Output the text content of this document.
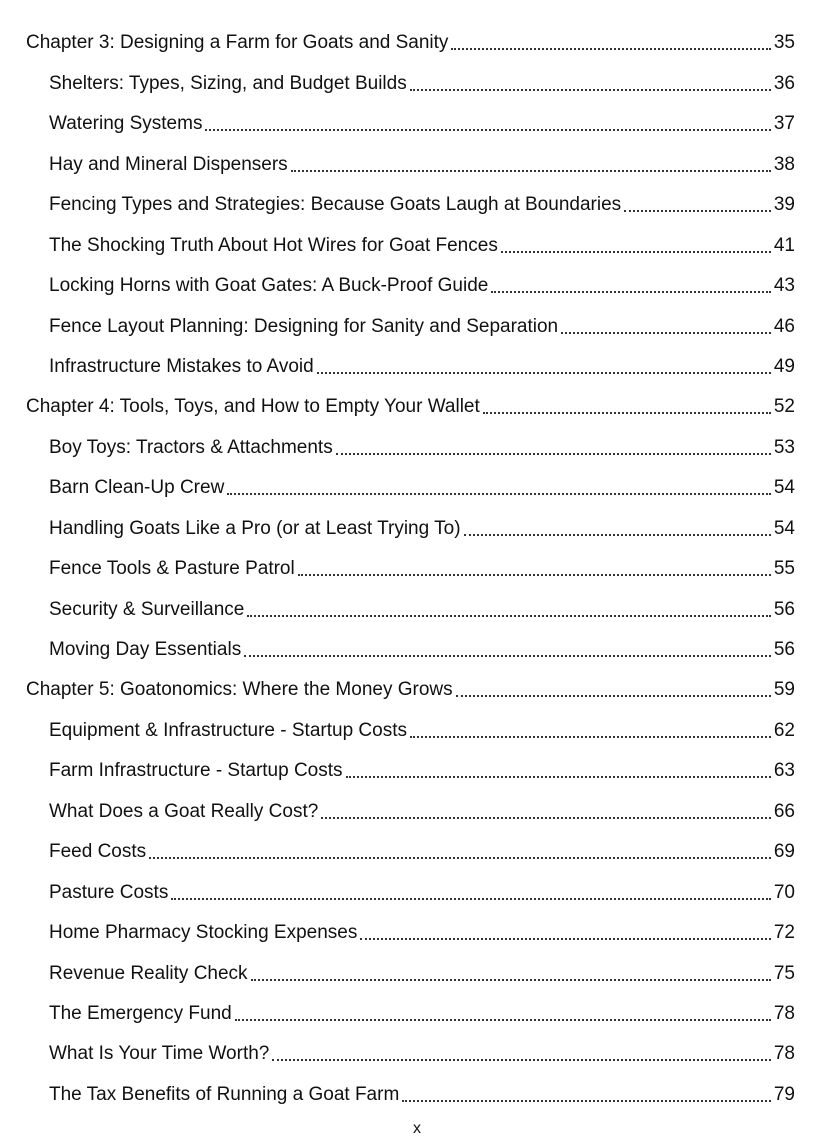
Chapter 3: Designing a Farm for Goats and Sanity	35
Shelters: Types, Sizing, and Budget Builds	36
Watering Systems	37
Hay and Mineral Dispensers	38
Fencing Types and Strategies: Because Goats Laugh at Boundaries	39
The Shocking Truth About Hot Wires for Goat Fences	41
Locking Horns with Goat Gates: A Buck-Proof Guide	43
Fence Layout Planning: Designing for Sanity and Separation	46
Infrastructure Mistakes to Avoid	49
Chapter 4: Tools, Toys, and How to Empty Your Wallet	52
Boy Toys: Tractors & Attachments	53
Barn Clean-Up Crew	54
Handling Goats Like a Pro (or at Least Trying To)	54
Fence Tools & Pasture Patrol	55
Security & Surveillance	56
Moving Day Essentials	56
Chapter 5: Goatonomics: Where the Money Grows	59
Equipment & Infrastructure - Startup Costs	62
Farm Infrastructure - Startup Costs	63
What Does a Goat Really Cost?	66
Feed Costs	69
Pasture Costs	70
Home Pharmacy Stocking Expenses	72
Revenue Reality Check	75
The Emergency Fund	78
What Is Your Time Worth?	78
The Tax Benefits of Running a Goat Farm	79
x
